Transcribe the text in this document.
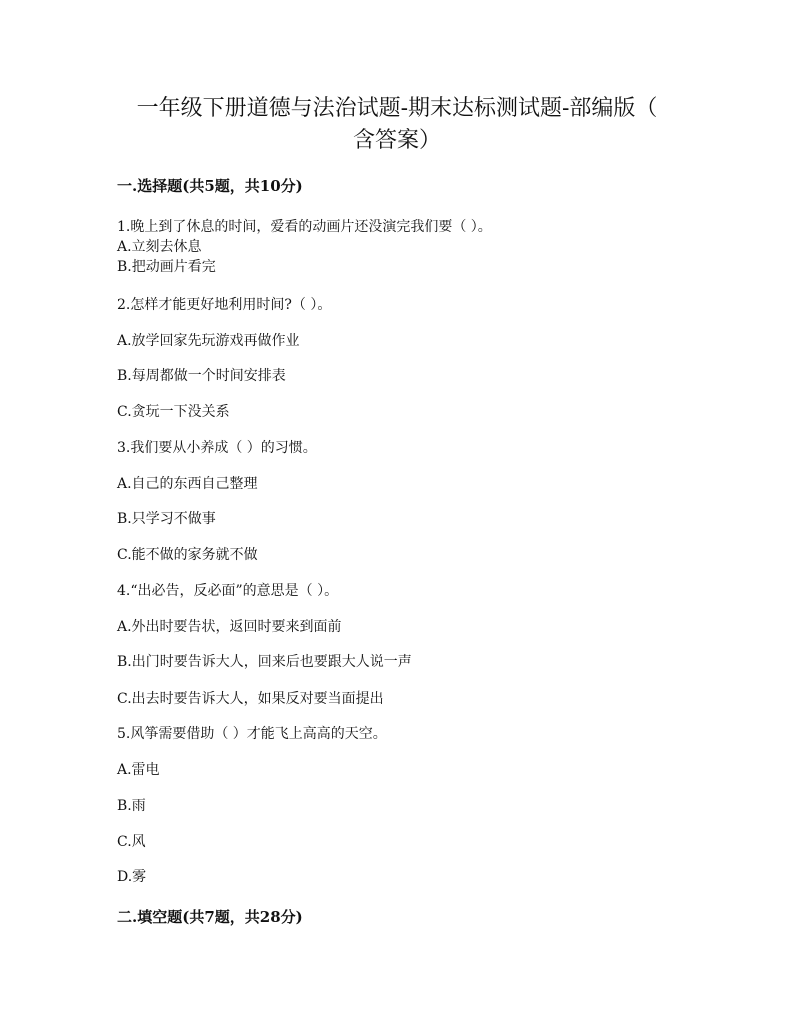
一年级下册道德与法治试题-期末达标测试题-部编版（
含答案）
一.选择题(共5题，共10分)
1.晚上到了休息的时间，爱看的动画片还没演完我们要（ ）。
A.立刻去休息
B.把动画片看完
2.怎样才能更好地利用时间?（ ）。
A.放学回家先玩游戏再做作业
B.每周都做一个时间安排表
C.贪玩一下没关系
3.我们要从小养成（ ）的习惯。
A.自己的东西自己整理
B.只学习不做事
C.能不做的家务就不做
4.“出必告，反必面”的意思是（ ）。
A.外出时要告状，返回时要来到面前
B.出门时要告诉大人，回来后也要跟大人说一声
C.出去时要告诉大人，如果反对要当面提出
5.风筝需要借助（ ）才能飞上高高的天空。
A.雷电
B.雨
C.风
D.雾
二.填空题(共7题，共28分)
